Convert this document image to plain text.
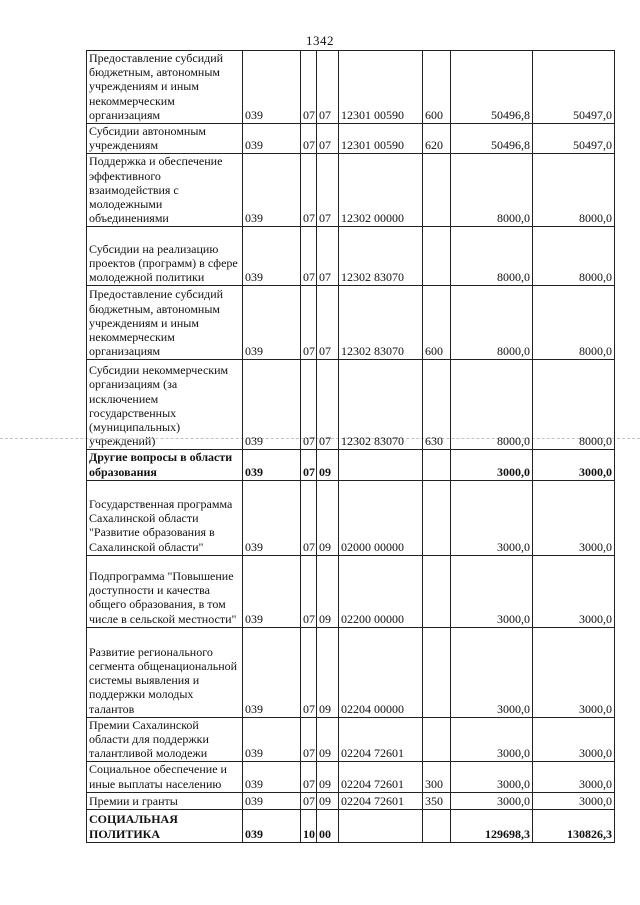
1342
Предоставление субсидий бюджетным, автономным учреждениям и иным некоммерческим организациям	039	07	07	12301 00590	600	50496,8	50497,0
Субсидии автономным учреждениям	039	07	07	12301 00590	620	50496,8	50497,0
Поддержка и обеспечение эффективного взаимодействия с молодежными объединениями	039	07	07	12302 00000		8000,0	8000,0
Субсидии на реализацию проектов (программ) в сфере молодежной политики	039	07	07	12302 83070		8000,0	8000,0
Предоставление субсидий бюджетным, автономным учреждениям и иным некоммерческим организациям	039	07	07	12302 83070	600	8000,0	8000,0
Субсидии некоммерческим организациям (за исключением государственных (муниципальных) учреждений)	039	07	07	12302 83070	630	8000,0	8000,0
Другие вопросы в области образования	039	07	09			3000,0	3000,0
Государственная программа Сахалинской области "Развитие образования в Сахалинской области"	039	07	09	02000 00000		3000,0	3000,0
Подпрограмма "Повышение доступности и качества общего образования, в том числе в сельской местности"	039	07	09	02200 00000		3000,0	3000,0
Развитие регионального сегмента общенациональной системы выявления и поддержки молодых талантов	039	07	09	02204 00000		3000,0	3000,0
Премии Сахалинской области для поддержки талантливой молодежи	039	07	09	02204 72601		3000,0	3000,0
Социальное обеспечение и иные выплаты населению	039	07	09	02204 72601	300	3000,0	3000,0
Премии и гранты	039	07	09	02204 72601	350	3000,0	3000,0
СОЦИАЛЬНАЯ ПОЛИТИКА	039	10	00			129698,3	130826,3
